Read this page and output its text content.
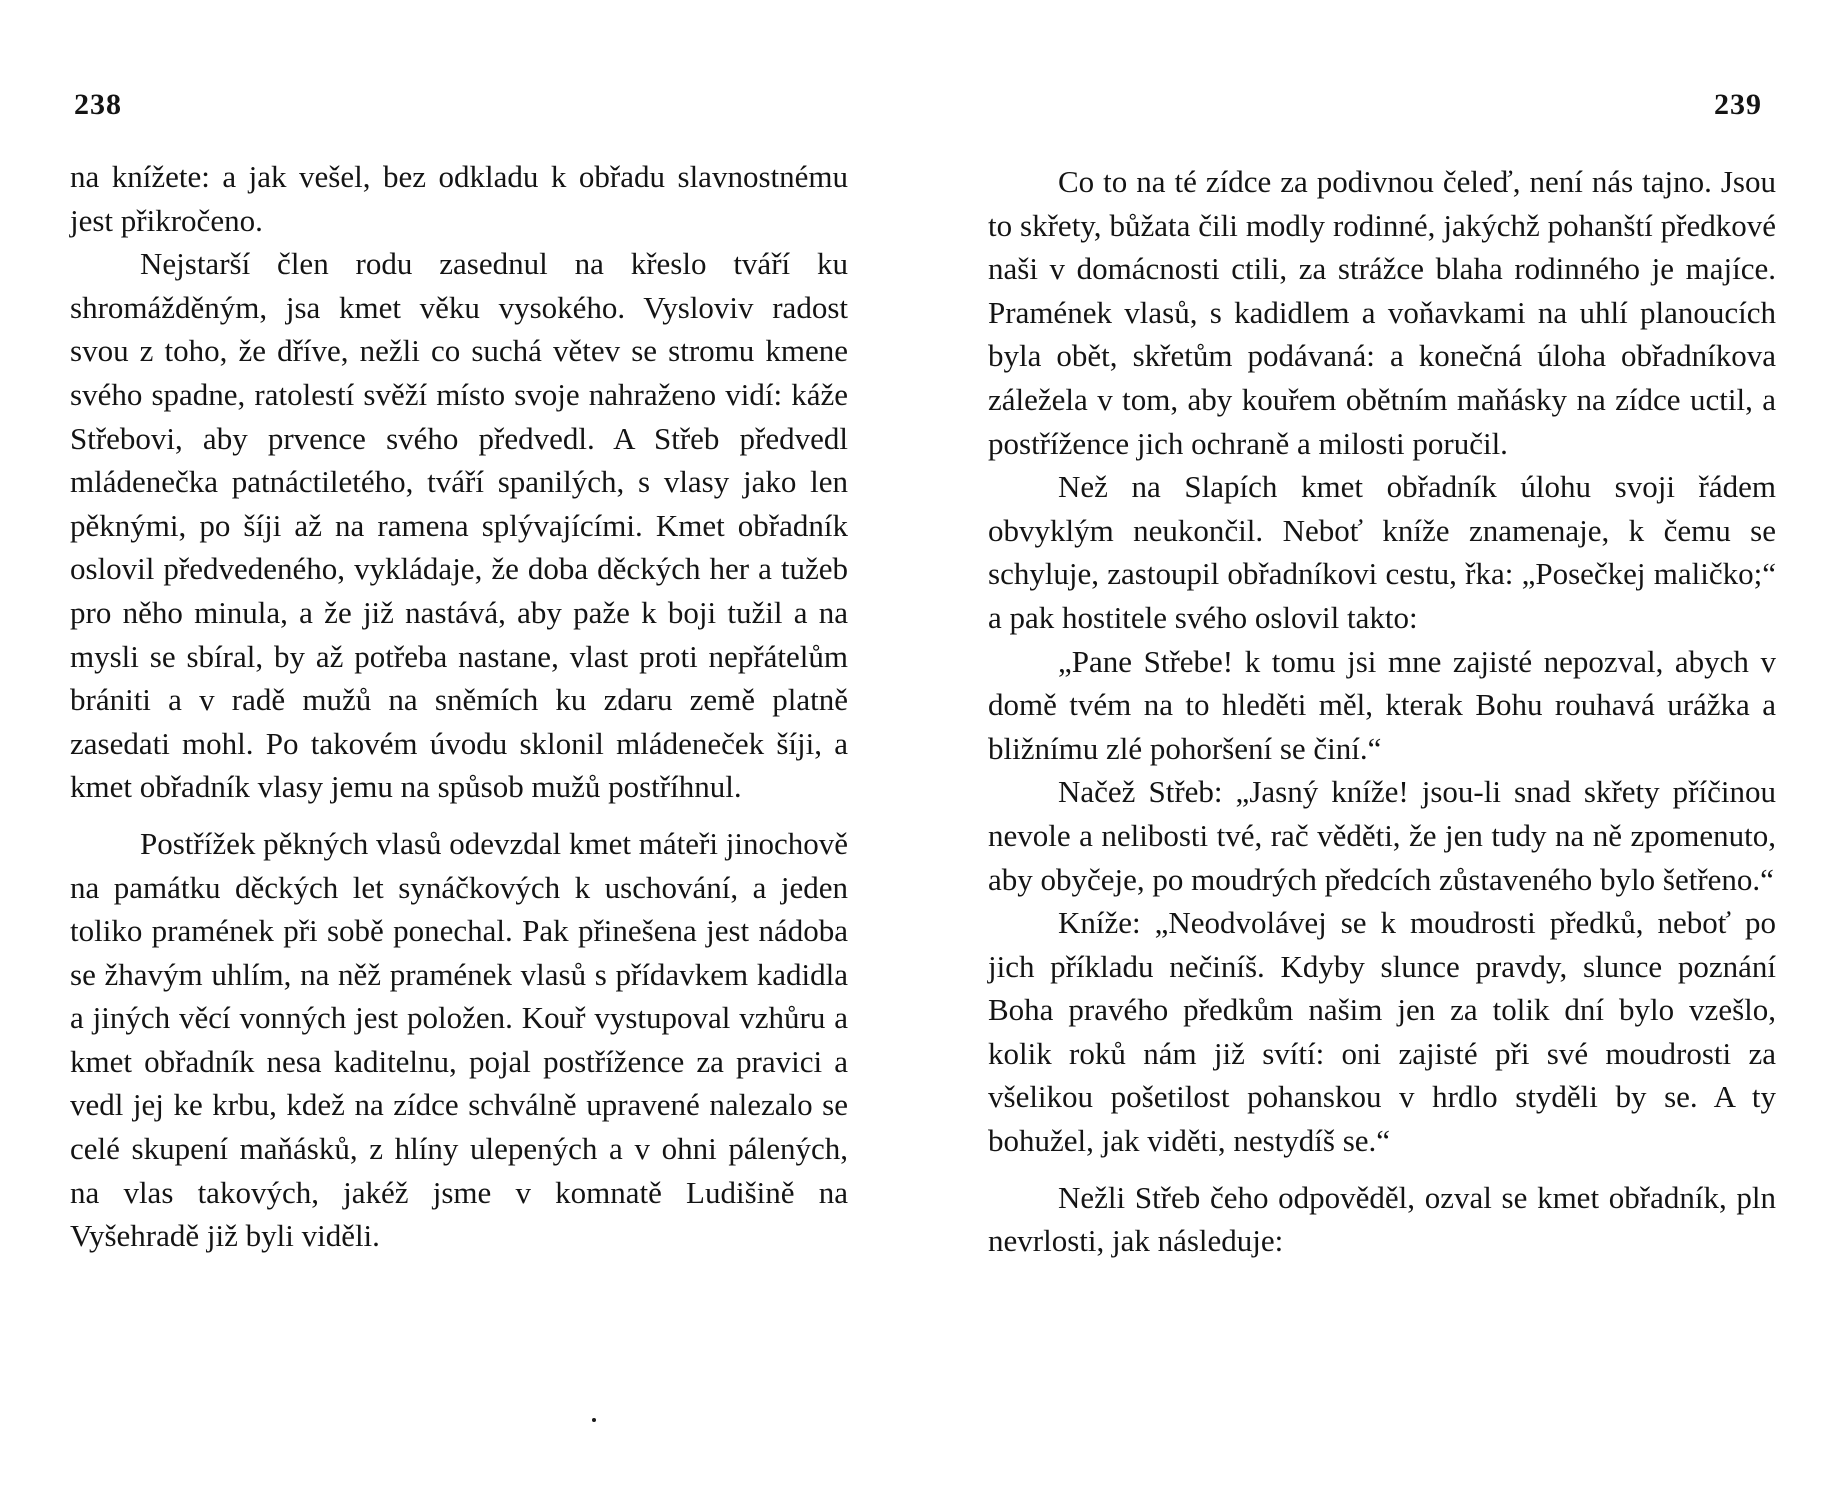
238

na knížete: a jak vešel, bez odkladu k obřadu slavnostnému jest přikročeno.

Nejstarší člen rodu zasednul na křeslo tváří ku shromážděným, jsa kmet věku vysokého. Vysloviv radost svou z toho, že dříve, nežli co suchá větev se stromu kmene svého spadne, ratolestí svěží místo svoje nahraženo vidí: káže Střebovi, aby prvence svého předvedl. A Střeb předvedl mládenečka patnáctiletého, tváří spanilých, s vlasy jako len pěknými, po šíji až na ramena splývajícími. Kmet obřadník oslovil předvedeného, vykládaje, že doba děckých her a tužeb pro něho minula, a že již nastává, aby paže k boji tužil a na mysli se sbíral, by až potřeba nastane, vlast proti nepřátelům brániti a v radě mužů na sněmích ku zdaru země platně zasedati mohl. Po takovém úvodu sklonil mládeneček šíji, a kmet obřadník vlasy jemu na spůsob mužů postříhnul.

Postřížek pěkných vlasů odevzdal kmet máteři jinochově na památku děckých let synáčkových k uschování, a jeden toliko pramének při sobě ponechal. Pak přinešena jest nádoba se žhavým uhlím, na něž pramének vlasů s přídavkem kadidla a jiných věcí vonných jest položen. Kouř vystupoval vzhůru a kmet obřadník nesa kaditelnu, pojal postřížence za pravici a vedl jej ke krbu, kdež na zídce schválně upravené nalezalo se celé skupení maňásků, z hlíny ulepených a v ohni pálených, na vlas takových, jakéž jsme v komnatě Ludišině na Vyšehradě již byli viděli.

239

Co to na té zídce za podivnou čeleď, není nás tajno. Jsou to skřety, bůžata čili modly rodinné, jakýchž pohanští předkové naši v domácnosti ctili, za strážce blaha rodinného je majíce. Pramének vlasů, s kadidlem a voňavkami na uhlí planoucích byla obět, skřetům podávaná: a konečná úloha obřadníkova záležela v tom, aby kouřem obětním maňásky na zídce uctil, a postřížence jich ochraně a milosti poručil.

Než na Slapích kmet obřadník úlohu svoji řádem obvyklým neukončil. Neboť kníže znamenaje, k čemu se schyluje, zastoupil obřadníkovi cestu, řka: „Posečkej maličko;“ a pak hostitele svého oslovil takto:

„Pane Střebe! k tomu jsi mne zajisté nepozval, abych v domě tvém na to hleděti měl, kterak Bohu rouhavá urážka a bližnímu zlé pohoršení se činí.“

Načež Střeb: „Jasný kníže! jsou-li snad skřety příčinou nevole a nelibosti tvé, rač věděti, že jen tudy na ně zpomenuto, aby obyčeje, po moudrých předcích zůstaveného bylo šetřeno.“

Kníže: „Neodvolávej se k moudrosti předků, neboť po jich příkladu nečiníš. Kdyby slunce pravdy, slunce poznání Boha pravého předkům našim jen za tolik dní bylo vzešlo, kolik roků nám již svítí: oni zajisté při své moudrosti za všelikou pošetilost pohanskou v hrdlo styděli by se. A ty bohužel, jak viděti, nestydíš se.“

Nežli Střeb čeho odpověděl, ozval se kmet obřadník, pln nevrlosti, jak následuje:
